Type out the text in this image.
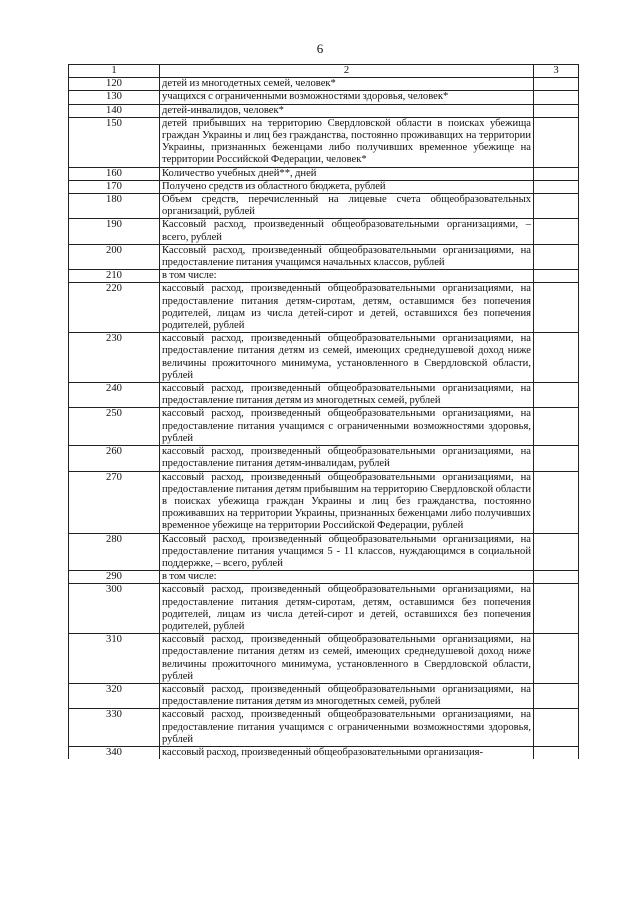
6
1	2	3
120	детей из многодетных семей, человек*	
130	учащихся с ограниченными возможностями здоровья, человек*	
140	детей-инвалидов, человек*	
150	детей прибывших на территорию Свердловской области в поисках убежища граждан Украины и лиц без гражданства, постоянно проживавщих на территории Украины, признанных беженцами либо получивших временное убежище на территории Российской Федерации, человек*	
160	Количество учебных дней**, дней	
170	Получено средств из областного бюджета, рублей	
180	Объем средств, перечисленный на лицевые счета общеобразовательных организаций, рублей	
190	Кассовый расход, произведенный общеобразовательными организациями, – всего, рублей	
200	Кассовый расход, произведенный общеобразовательными организациями, на предоставление питания учащимся начальных классов, рублей	
210	в том числе:	
220	кассовый расход, произведенный общеобразовательными организациями, на предоставление питания детям-сиротам, детям, оставшимся без попечения родителей, лицам из числа детей-сирот и детей, оставшихся без попечения родителей, рублей	
230	кассовый расход, произведенный общеобразовательными организациями, на предоставление питания детям из семей, имеющих среднедушевой доход ниже величины прожиточного минимума, установленного в Свердловской области, рублей	
240	кассовый расход, произведенный общеобразовательными организациями, на предоставление питания детям из многодетных семей, рублей	
250	кассовый расход, произведенный общеобразовательными организациями, на предоставление питания учащимся с ограниченными возможностями здоровья, рублей	
260	кассовый расход, произведенный общеобразовательными организациями, на предоставление питания детям-инвалидам, рублей	
270	кассовый расход, произведенный общеобразовательными организациями, на предоставление питания детям прибывшим на территорию Свердловской области в поисках убежища граждан Украины и лиц без гражданства, постоянно проживавших на территории Украины, признанных беженцами либо получивших временное убежище на территории Российской Федерации, рублей	
280	Кассовый расход, произведенный общеобразовательными организациями, на предоставление питания учащимся 5 - 11 классов, нуждающимся в социальной поддержке, – всего, рублей	
290	в том числе:	
300	кассовый расход, произведенный общеобразовательными организациями, на предоставление питания детям-сиротам, детям, оставшимся без попечения родителей, лицам из числа детей-сирот и детей, оставшихся без попечения родителей, рублей	
310	кассовый расход, произведенный общеобразовательными организациями, на предоставление питания детям из семей, имеющих среднедушевой доход ниже величины прожиточного минимума, установленного в Свердловской области, рублей	
320	кассовый расход, произведенный общеобразовательными организациями, на предоставление питания детям из многодетных семей, рублей	
330	кассовый расход, произведенный общеобразовательными организациями, на предоставление питания учащимся с ограниченными возможностями здоровья, рублей	
340	кассовый расход, произведенный общеобразовательными организация-	
